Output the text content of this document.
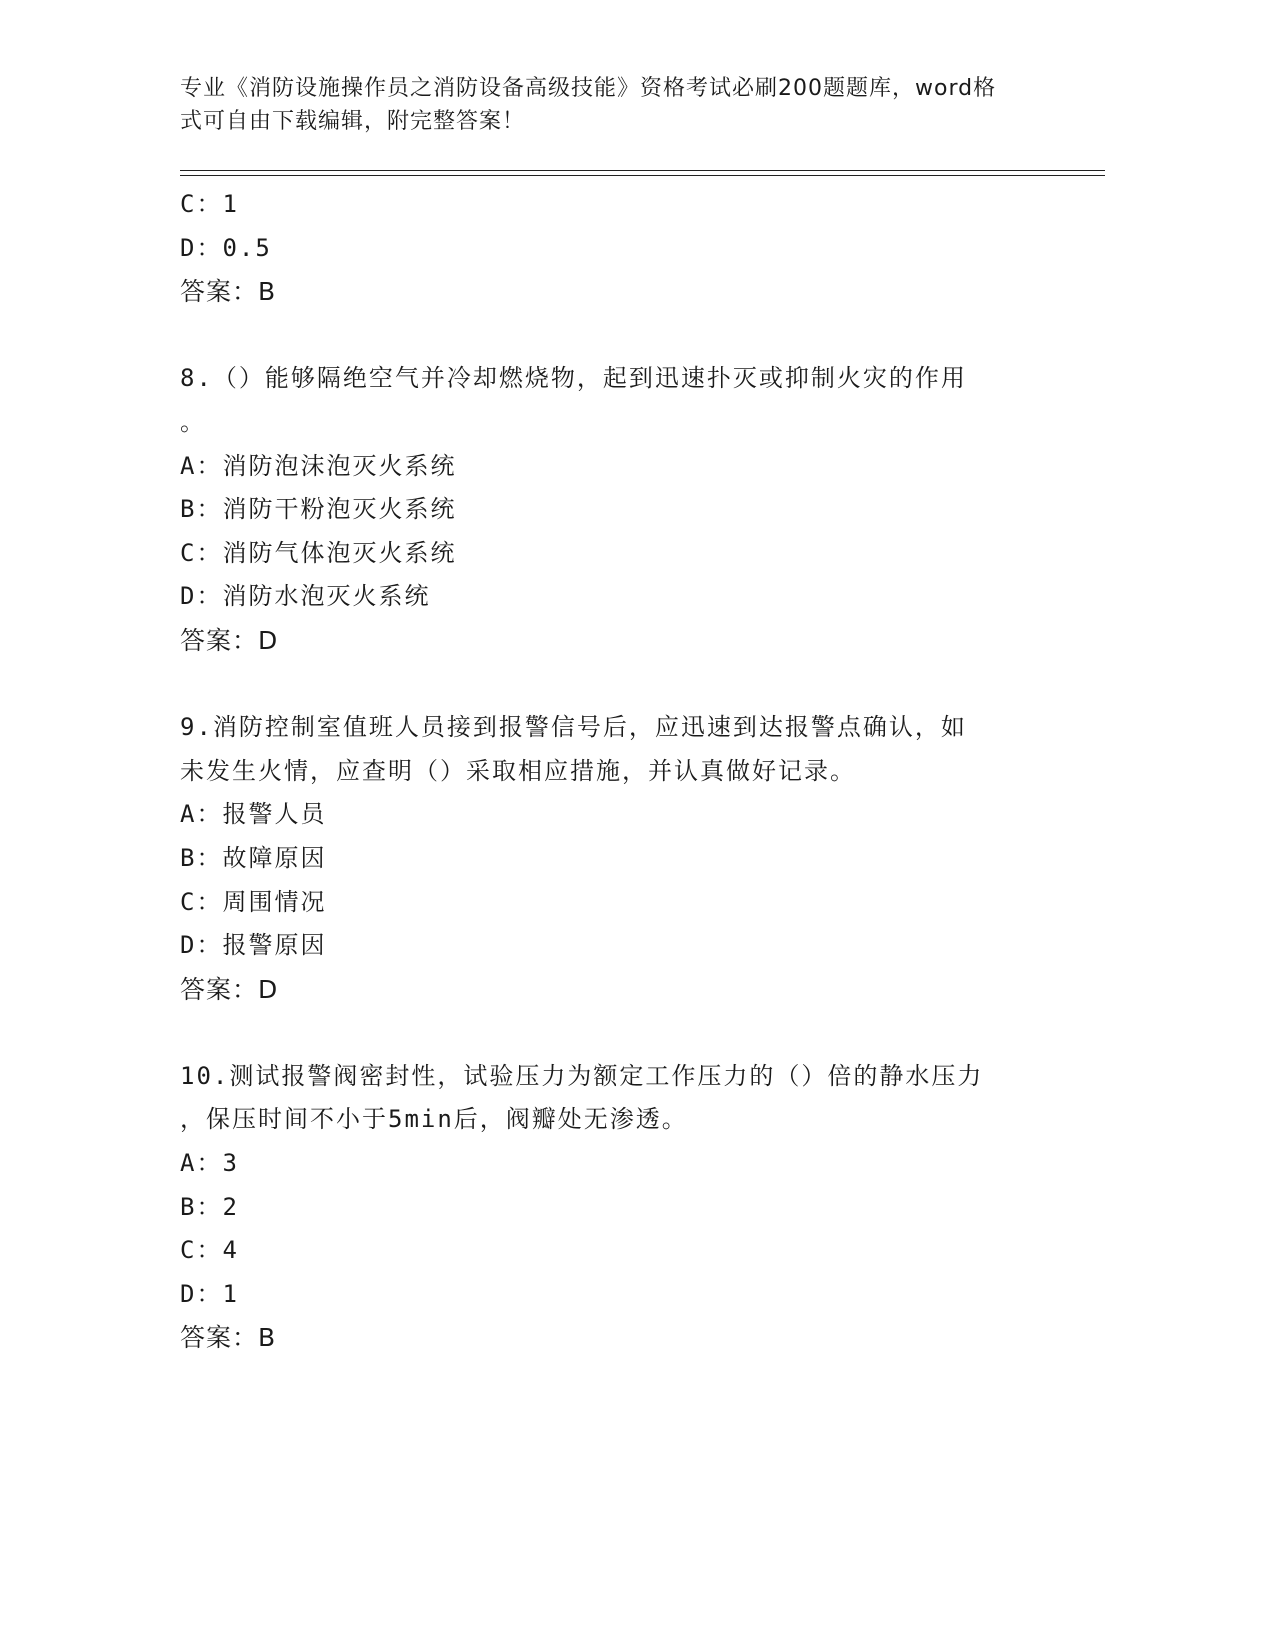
专业《消防设施操作员之消防设备高级技能》资格考试必刷200题题库，word格
式可自由下载编辑，附完整答案！
C：1
D：0.5
答案：B
8.（）能够隔绝空气并冷却燃烧物，起到迅速扑灭或抑制火灾的作用
。
A：消防泡沫泡灭火系统
B：消防干粉泡灭火系统
C：消防气体泡灭火系统
D：消防水泡灭火系统
答案：D
9.消防控制室值班人员接到报警信号后，应迅速到达报警点确认，如
未发生火情，应查明（）采取相应措施，并认真做好记录。
A：报警人员
B：故障原因
C：周围情况
D：报警原因
答案：D
10.测试报警阀密封性，试验压力为额定工作压力的（）倍的静水压力
，保压时间不小于5min后，阀瓣处无渗透。
A：3
B：2
C：4
D：1
答案：B
